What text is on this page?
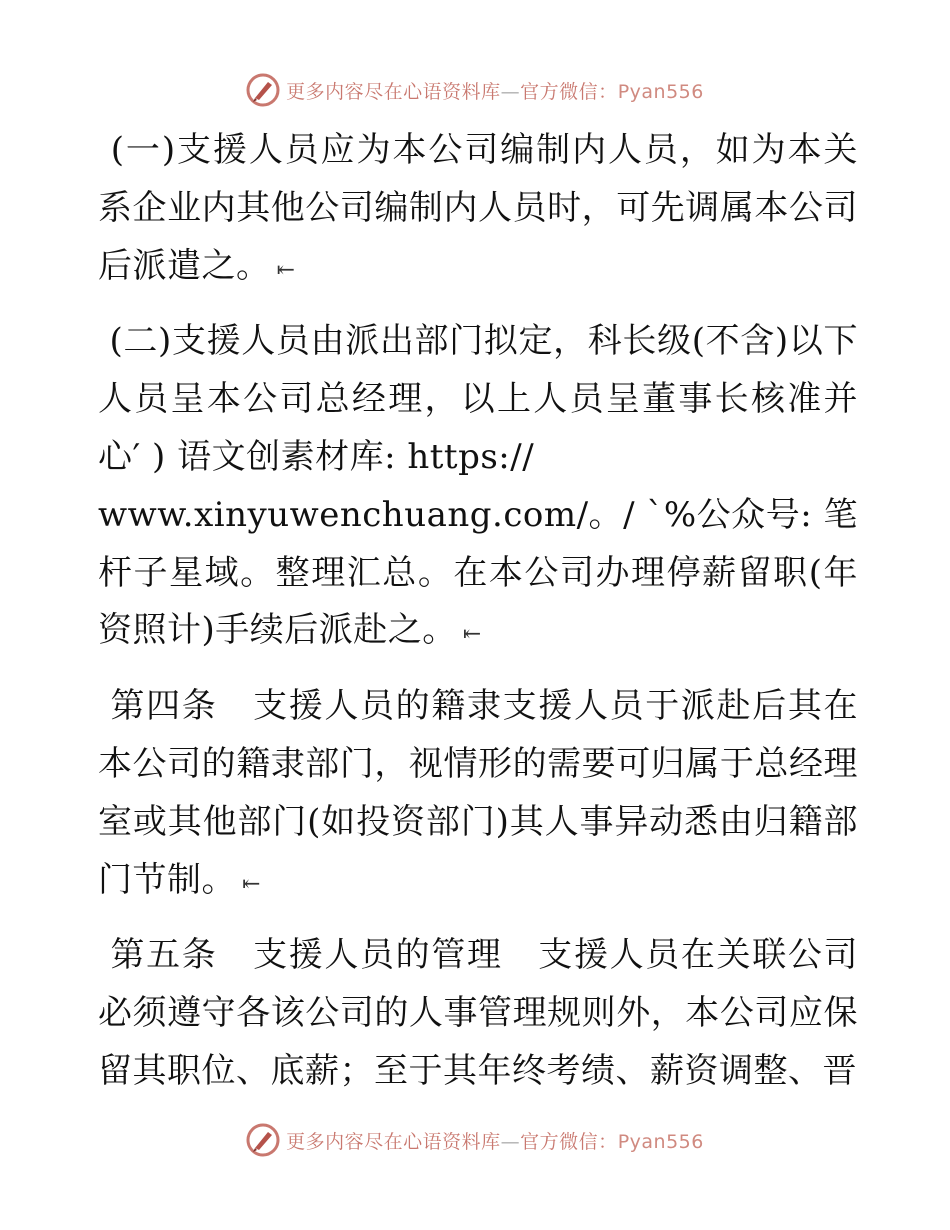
更多内容尽在心语资料库—官方微信：Pyan556

(一)支援人员应为本公司编制内人员，如为本关系企业内其他公司编制内人员时，可先调属本公司后派遣之。 ⇤

(二)支援人员由派出部门拟定，科长级(不含)以下人员呈本公司总经理，以上人员呈董事长核准并心′ ) 语文创素材库: https://
www.xinyuwenchuang.com/。/ `%公众号: 笔杆子星域。整理汇总。在本公司办理停薪留职(年资照计)手续后派赴之。 ⇤

第四条　支援人员的籍隶支援人员于派赴后其在本公司的籍隶部门，视情形的需要可归属于总经理室或其他部门(如投资部门)其人事异动悉由归籍部门节制。 ⇤

第五条　支援人员的管理　支援人员在关联公司必须遵守各该公司的人事管理规则外，本公司应保留其职位、底薪；至于其年终考绩、薪资调整、晋

更多内容尽在心语资料库—官方微信：Pyan556
